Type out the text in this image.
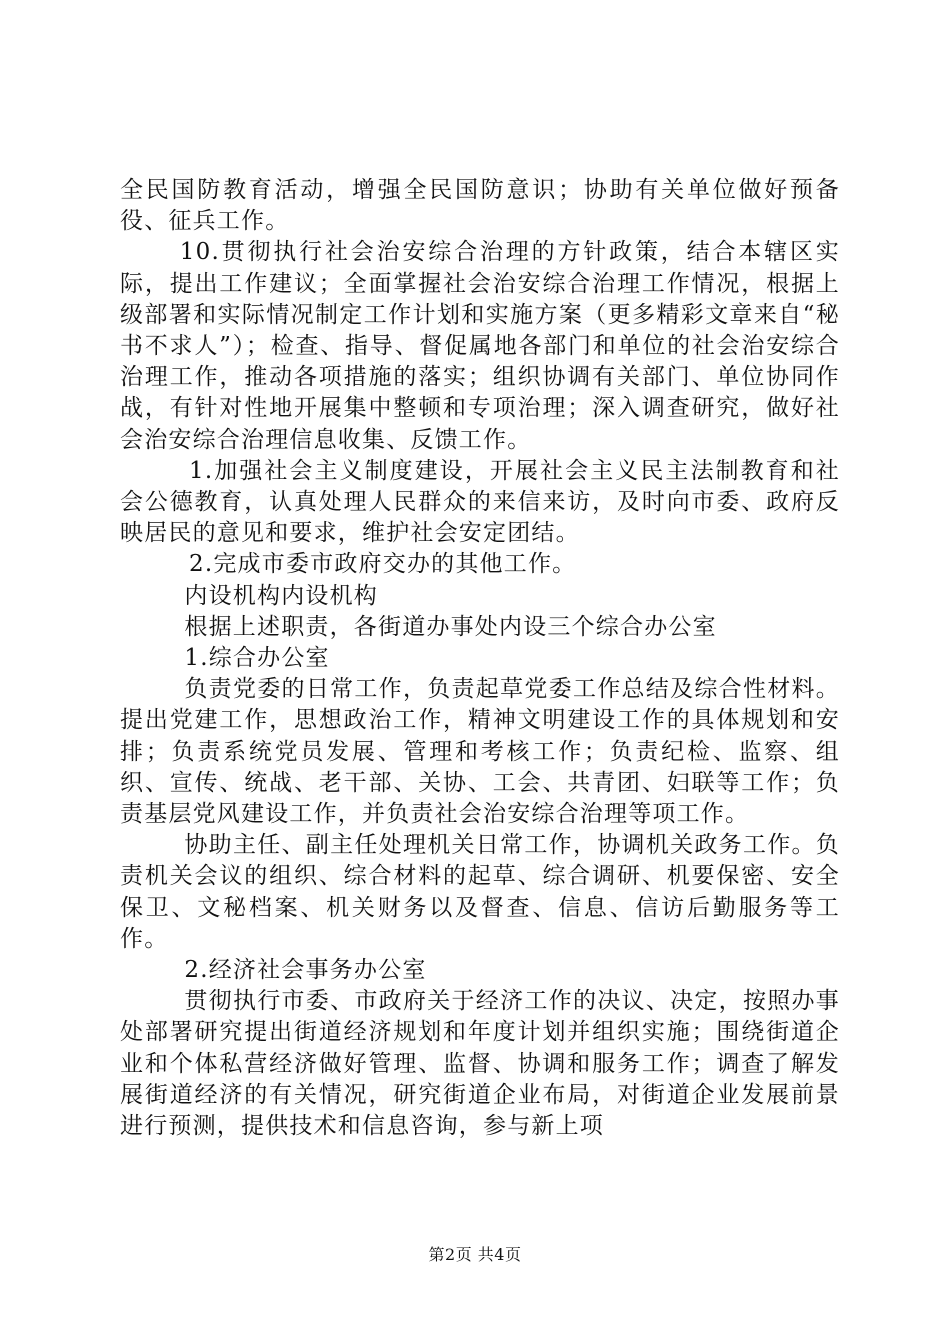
全民国防教育活动，增强全民国防意识；协助有关单位做好预备役、征兵工作。

10.贯彻执行社会治安综合治理的方针政策，结合本辖区实际，提出工作建议；全面掌握社会治安综合治理工作情况，根据上级部署和实际情况制定工作计划和实施方案（更多精彩文章来自“秘书不求人”）；检查、指导、督促属地各部门和单位的社会治安综合治理工作，推动各项措施的落实；组织协调有关部门、单位协同作战，有针对性地开展集中整顿和专项治理；深入调查研究，做好社会治安综合治理信息收集、反馈工作。

1.加强社会主义制度建设，开展社会主义民主法制教育和社会公德教育，认真处理人民群众的来信来访，及时向市委、政府反映居民的意见和要求，维护社会安定团结。

2.完成市委市政府交办的其他工作。

内设机构内设机构

根据上述职责，各街道办事处内设三个综合办公室

1.综合办公室

负责党委的日常工作，负责起草党委工作总结及综合性材料。提出党建工作，思想政治工作，精神文明建设工作的具体规划和安排；负责系统党员发展、管理和考核工作；负责纪检、监察、组织、宣传、统战、老干部、关协、工会、共青团、妇联等工作；负责基层党风建设工作，并负责社会治安综合治理等项工作。

协助主任、副主任处理机关日常工作，协调机关政务工作。负责机关会议的组织、综合材料的起草、综合调研、机要保密、安全保卫、文秘档案、机关财务以及督查、信息、信访后勤服务等工作。

2.经济社会事务办公室

贯彻执行市委、市政府关于经济工作的决议、决定，按照办事处部署研究提出街道经济规划和年度计划并组织实施；围绕街道企业和个体私营经济做好管理、监督、协调和服务工作；调查了解发展街道经济的有关情况，研究街道企业布局，对街道企业发展前景进行预测，提供技术和信息咨询，参与新上项

第2页 共4页
